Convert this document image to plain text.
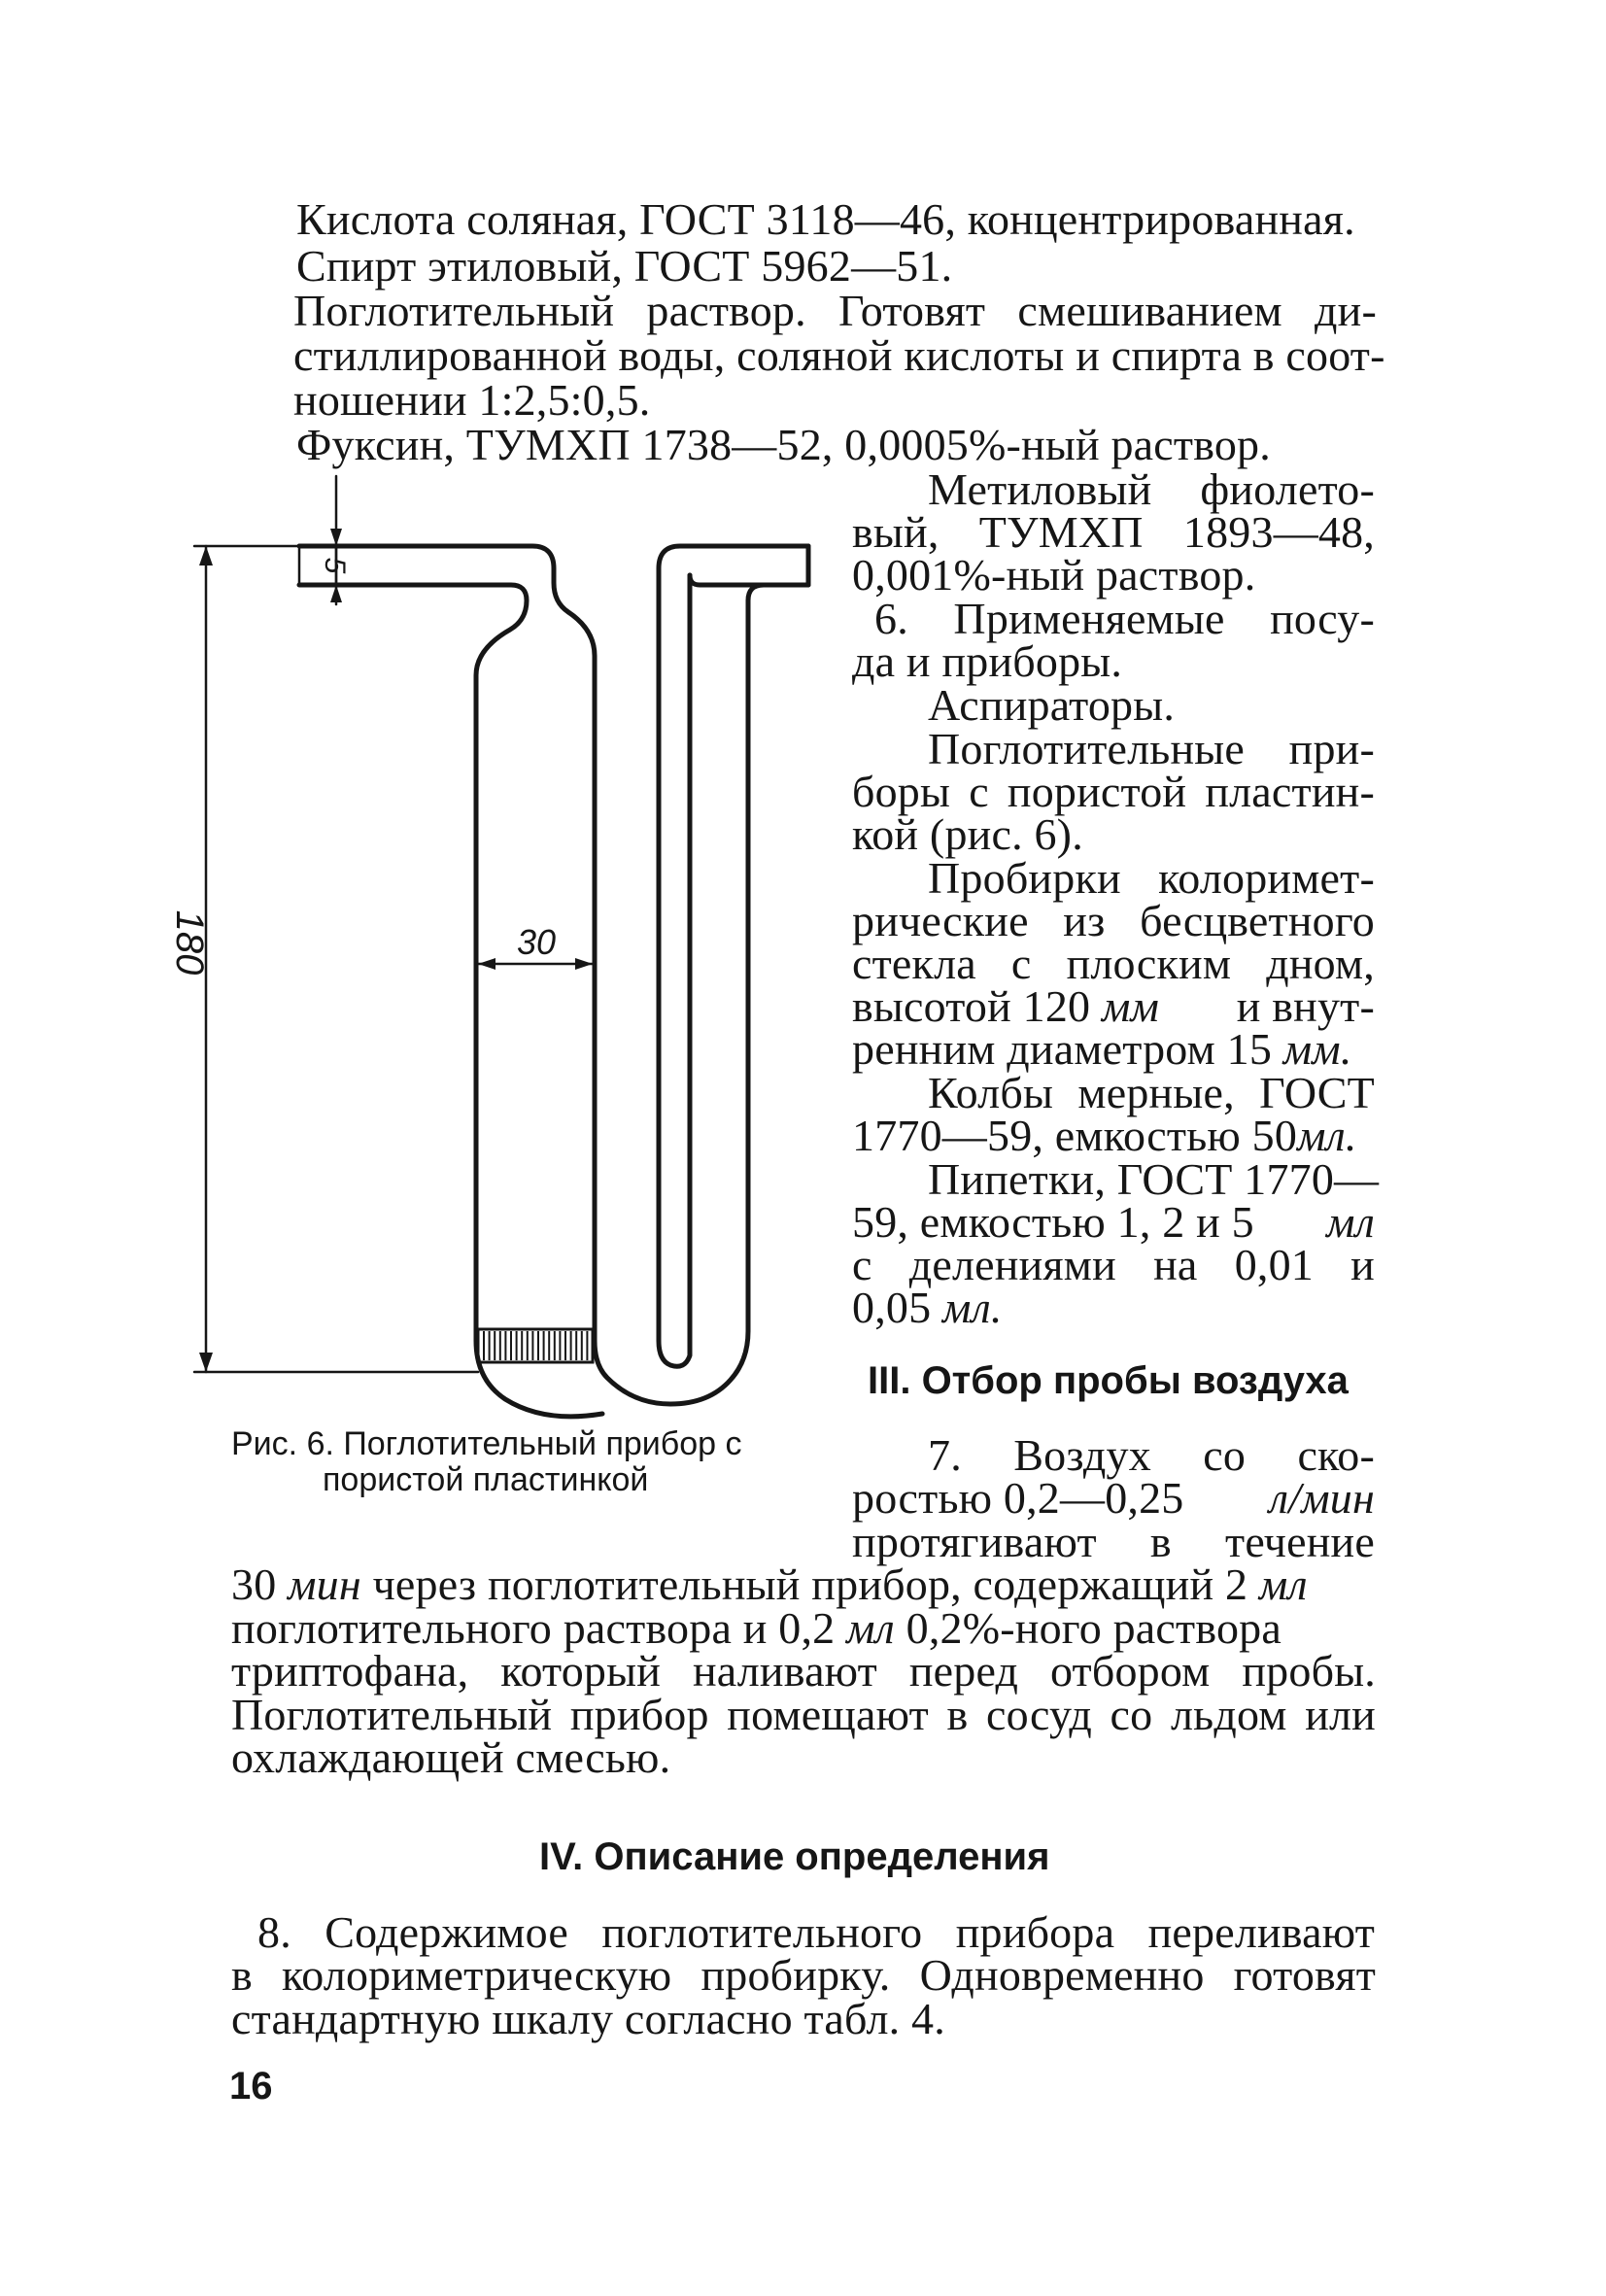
Кислота соляная, ГОСТ 3118—46, концентрированная.

Спирт этиловый, ГОСТ 5962—51.

Поглотительный раствор. Готовят смешиванием ди-

стиллированной воды, соляной кислоты и спирта в соот-

ношении 1:2,5:0,5.

Фуксин, ТУМХП 1738—52, 0,0005%-ный раствор.

Метиловый фиолето-

вый, ТУМХП 1893—48,

0,001%-ный раствор.

6. Применяемые посу-

да и приборы.

Аспираторы.

Поглотительные при-

боры с пористой пластин-

кой (рис. 6).

Пробирки колоримет-

рические из бесцветного

стекла с плоским дном,

высотой 120 мм и внут-

ренним диаметром 15 мм.

Колбы мерные, ГОСТ

1770—59, емкостью 50мл.

Пипетки, ГОСТ 1770—

59, емкостью 1, 2 и 5 мл

с делениями на 0,01 и

0,05 мл.

III. Отбор пробы воздуха

7. Воздух со ско-

ростью 0,2—0,25 л/мин

протягивают в течение

30 мин через поглотительный прибор, содержащий 2 мл

поглотительного раствора и 0,2 мл 0,2%-ного раствора

триптофана, который наливают перед отбором пробы.

Поглотительный прибор помещают в сосуд со льдом или

охлаждающей смесью.

IV. Описание определения

8. Содержимое поглотительного прибора переливают

в колориметрическую пробирку. Одновременно готовят

стандартную шкалу согласно табл. 4.

16

180
5
30

Рис. 6. Поглотительный прибор с

пористой пластинкой
